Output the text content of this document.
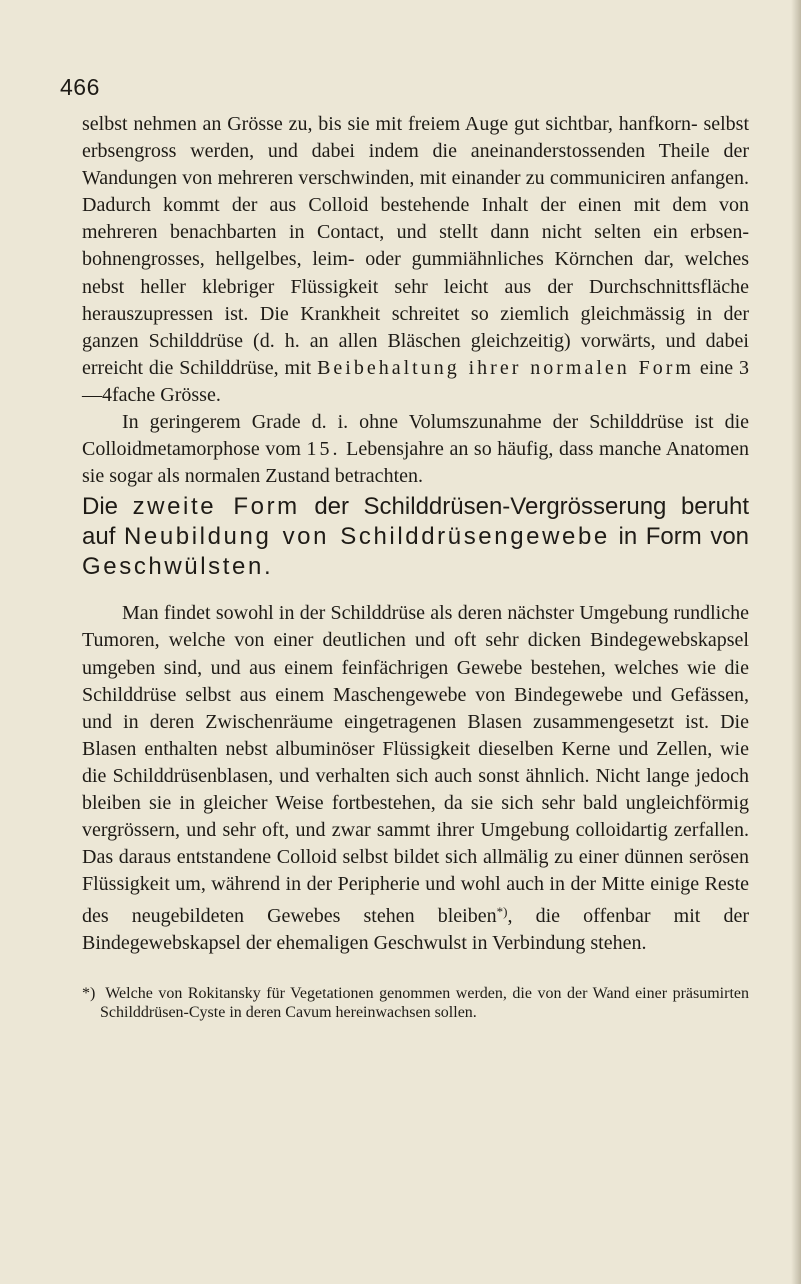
466

selbst nehmen an Grösse zu, bis sie mit freiem Auge gut sichtbar, hanfkorn- selbst erbsengross werden, und dabei indem die aneinanderstossenden Theile der Wandungen von mehreren verschwinden, mit einander zu communiciren anfangen. Dadurch kommt der aus Colloid bestehende Inhalt der einen mit dem von mehreren benachbarten in Contact, und stellt dann nicht selten ein erbsen-bohnengrosses, hellgelbes, leim- oder gummiähnliches Körnchen dar, welches nebst heller klebriger Flüssigkeit sehr leicht aus der Durchschnittsfläche herauszupressen ist. Die Krankheit schreitet so ziemlich gleichmässig in der ganzen Schilddrüse (d. h. an allen Bläschen gleichzeitig) vorwärts, und dabei erreicht die Schilddrüse, mit Beibehaltung ihrer normalen Form eine 3—4fache Grösse.

In geringerem Grade d. i. ohne Volumszunahme der Schilddrüse ist die Colloidmetamorphose vom 15. Lebensjahre an so häufig, dass manche Anatomen sie sogar als normalen Zustand betrachten.

Die zweite Form der Schilddrüsen-Vergrösserung beruht auf Neubildung von Schilddrüsengewebe in Form von Geschwülsten.

Man findet sowohl in der Schilddrüse als deren nächster Umgebung rundliche Tumoren, welche von einer deutlichen und oft sehr dicken Bindegewebskapsel umgeben sind, und aus einem feinfächrigen Gewebe bestehen, welches wie die Schilddrüse selbst aus einem Maschengewebe von Bindegewebe und Gefässen, und in deren Zwischenräume eingetragenen Blasen zusammengesetzt ist. Die Blasen enthalten nebst albuminöser Flüssigkeit dieselben Kerne und Zellen, wie die Schilddrüsenblasen, und verhalten sich auch sonst ähnlich. Nicht lange jedoch bleiben sie in gleicher Weise fortbestehen, da sie sich sehr bald ungleichförmig vergrössern, und sehr oft, und zwar sammt ihrer Umgebung colloidartig zerfallen. Das daraus entstandene Colloid selbst bildet sich allmälig zu einer dünnen serösen Flüssigkeit um, während in der Peripherie und wohl auch in der Mitte einige Reste des neugebildeten Gewebes stehen bleiben*), die offenbar mit der Bindegewebskapsel der ehemaligen Geschwulst in Verbindung stehen.

*) Welche von Rokitansky für Vegetationen genommen werden, die von der Wand einer präsumirten Schilddrüsen-Cyste in deren Cavum hereinwachsen sollen.
